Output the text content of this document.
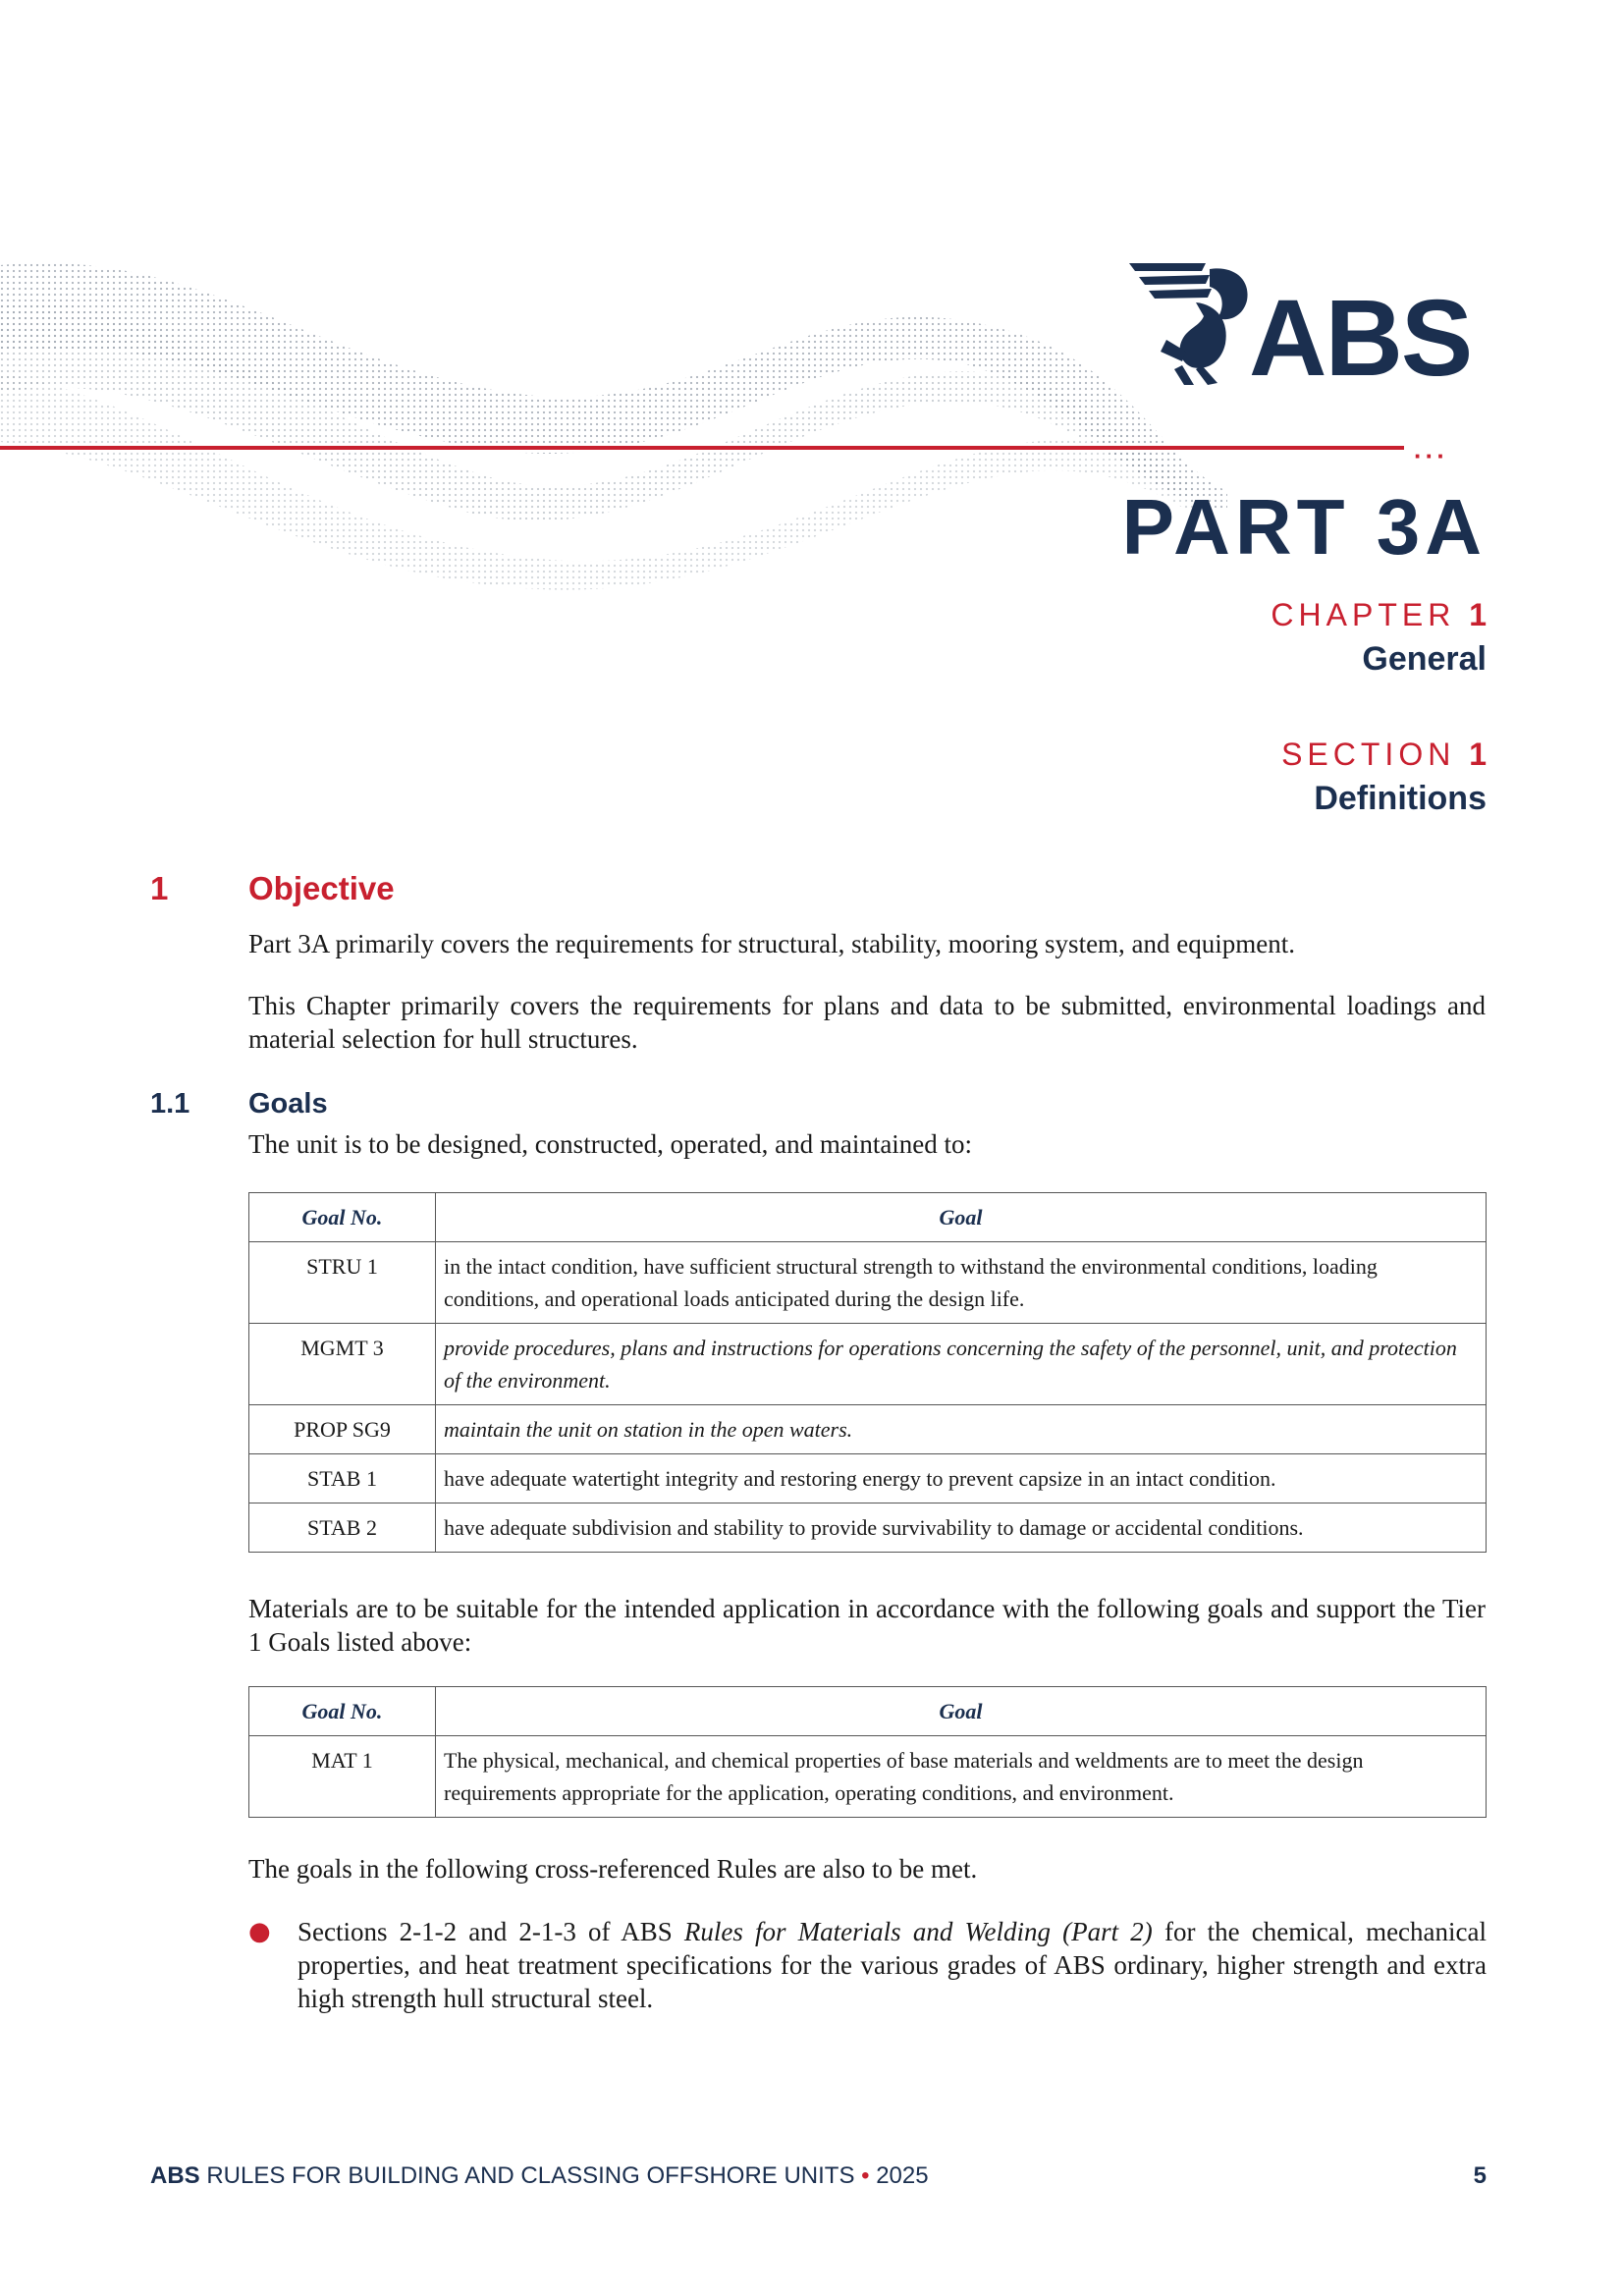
···
ABS
PART 3A
CHAPTER 1
General
SECTION 1
Definitions
1 Objective
Part 3A primarily covers the requirements for structural, stability, mooring system, and equipment.
This Chapter primarily covers the requirements for plans and data to be submitted, environmental loadings and material selection for hull structures.
1.1 Goals
The unit is to be designed, constructed, operated, and maintained to:
Goal No.	Goal
STRU 1	in the intact condition, have sufficient structural strength to withstand the environmental conditions, loading conditions, and operational loads anticipated during the design life.
MGMT 3	provide procedures, plans and instructions for operations concerning the safety of the personnel, unit, and protection of the environment.
PROP SG9	maintain the unit on station in the open waters.
STAB 1	have adequate watertight integrity and restoring energy to prevent capsize in an intact condition.
STAB 2	have adequate subdivision and stability to provide survivability to damage or accidental conditions.
Materials are to be suitable for the intended application in accordance with the following goals and support the Tier 1 Goals listed above:
Goal No.	Goal
MAT 1	The physical, mechanical, and chemical properties of base materials and weldments are to meet the design requirements appropriate for the application, operating conditions, and environment.
The goals in the following cross-referenced Rules are also to be met.
● Sections 2-1-2 and 2-1-3 of ABS Rules for Materials and Welding (Part 2) for the chemical, mechanical properties, and heat treatment specifications for the various grades of ABS ordinary, higher strength and extra high strength hull structural steel.
ABS RULES FOR BUILDING AND CLASSING OFFSHORE UNITS • 2025	5
